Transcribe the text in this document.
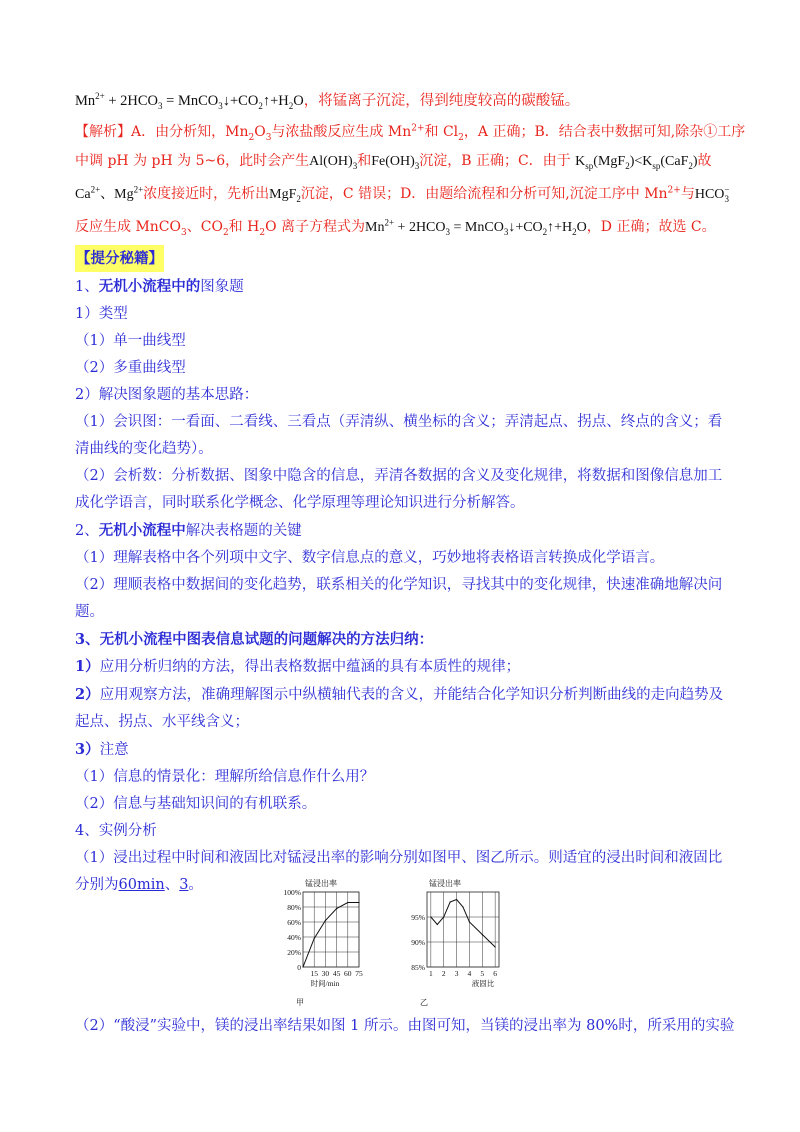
$Mn^{2+} + 2HCO_3$ = $MnCO_3↓+CO_2↑+H_2O$，将锰离子沉淀，得到纯度较高的碳酸锰。
【解析】A．由分析知，$Mn_2O_3$与浓盐酸反应生成 $Mn^{2+}$和 $Cl_2$，A 正确；B．结合表中数据可知,除杂①工序
中调 pH 为 pH 为 5~6，此时会产生$Al(OH)_3$和$Fe(OH)_3$沉淀，B 正确；C．由于 $K_{sp}(MgF_2)<K_{sp}(CaF_2)$故
$Ca^{2+}$、$Mg^{2+}$浓度接近时，先析出MgF$_2$沉淀，C 错误；D．由题给流程和分析可知,沉淀工序中 $Mn^{2+}$与$HCO^-_3$
反应生成 MnCO$_3$、$CO_2$和 $H_2O$ 离子方程式为$Mn^{2+} + 2HCO_3$ = $MnCO_3↓+CO_2↑+H_2O$，D 正确；故选 C。
【提分秘籍】
1、无机小流程中的图象题
1）类型
（1）单一曲线型
（2）多重曲线型
2）解决图象题的基本思路：
（1）会识图：一看面、二看线、三看点（弄清纵、横坐标的含义；弄清起点、拐点、终点的含义；看清曲线的变化趋势）。
（2）会析数：分析数据、图象中隐含的信息，弄清各数据的含义及变化规律，将数据和图像信息加工成化学语言，同时联系化学概念、化学原理等理论知识进行分析解答。
2、无机小流程中解决表格题的关键
（1）理解表格中各个列项中文字、数字信息点的意义，巧妙地将表格语言转换成化学语言。
（2）理顺表格中数据间的变化趋势，联系相关的化学知识，寻找其中的变化规律，快速准确地解决问题。
3、无机小流程中图表信息试题的问题解决的方法归纳：
1）应用分析归纳的方法，得出表格数据中蕴涵的具有本质性的规律；
2）应用观察方法，准确理解图示中纵横轴代表的含义，并能结合化学知识分析判断曲线的走向趋势及起点、拐点、水平线含义；
3）注意
（1）信息的情景化：理解所给信息作什么用？
（2）信息与基础知识间的有机联系。
4、实例分析
（1）浸出过程中时间和液固比对锰浸出率的影响分别如图甲、图乙所示。则适宜的浸出时间和液固比分别为60min、3。
0
20%
40%
60%
80%
100%
15 30 45 60 75
锰浸出率
时间/min
甲
85%
90%
95%
1 2 3 4 5 6
锰浸出率
液固比
乙
（2）“酸浸”实验中，镁的浸出率结果如图 1 所示。由图可知，当镁的浸出率为 80%时，所采用的实验
